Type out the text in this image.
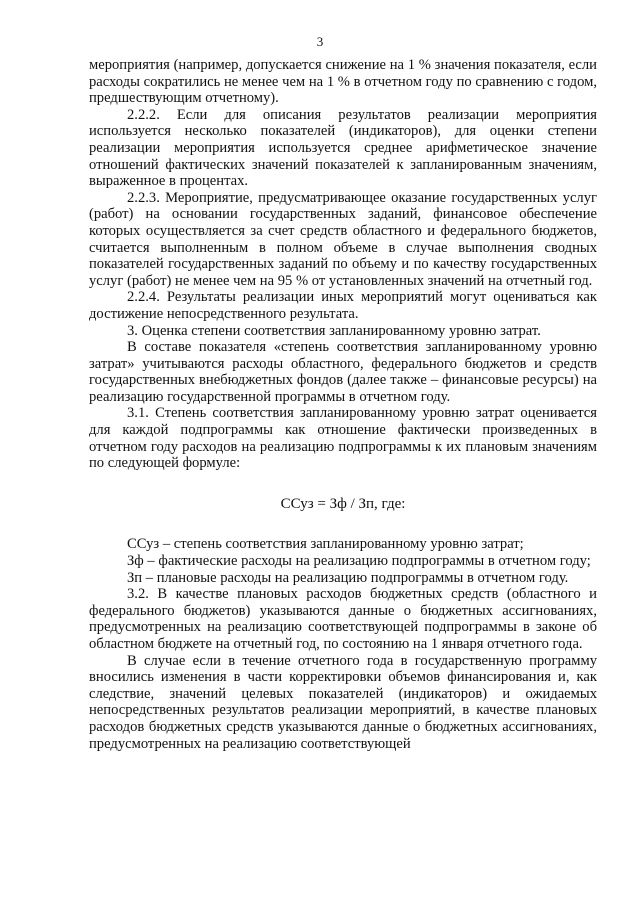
3

мероприятия (например, допускается снижение на 1 % значения показателя, если расходы сократились не менее чем на 1 % в отчетном году по сравнению с годом, предшествующим отчетному).

2.2.2. Если для описания результатов реализации мероприятия используется несколько показателей (индикаторов), для оценки степени реализации мероприятия используется среднее арифметическое значение отношений фактических значений показателей к запланированным значениям, выраженное в процентах.

2.2.3. Мероприятие, предусматривающее оказание государственных услуг (работ) на основании государственных заданий, финансовое обеспечение которых осуществляется за счет средств областного и федерального бюджетов, считается выполненным в полном объеме в случае выполнения сводных показателей государственных заданий по объему и по качеству государственных услуг (работ) не менее чем на 95 % от установленных значений на отчетный год.

2.2.4. Результаты реализации иных мероприятий могут оцениваться как достижение непосредственного результата.

3. Оценка степени соответствия запланированному уровню затрат.

В составе показателя «степень соответствия запланированному уровню затрат» учитываются расходы областного, федерального бюджетов и средств государственных внебюджетных фондов (далее также – финансовые ресурсы) на реализацию государственной программы в отчетном году.

3.1. Степень соответствия запланированному уровню затрат оценивается для каждой подпрограммы как отношение фактически произведенных в отчетном году расходов на реализацию подпрограммы к их плановым значениям по следующей формуле:

ССуз = Зф / Зп, где:

ССуз – степень соответствия запланированному уровню затрат;

Зф – фактические расходы на реализацию подпрограммы в отчетном году;

Зп – плановые расходы на реализацию подпрограммы в отчетном году.

3.2. В качестве плановых расходов бюджетных средств (областного и федерального бюджетов) указываются данные о бюджетных ассигнованиях, предусмотренных на реализацию соответствующей подпрограммы в законе об областном бюджете на отчетный год, по состоянию на 1 января отчетного года.

В случае если в течение отчетного года в государственную программу вносились изменения в части корректировки объемов финансирования и, как следствие, значений целевых показателей (индикаторов) и ожидаемых непосредственных результатов реализации мероприятий, в качестве плановых расходов бюджетных средств указываются данные о бюджетных ассигнованиях, предусмотренных на реализацию соответствующей
